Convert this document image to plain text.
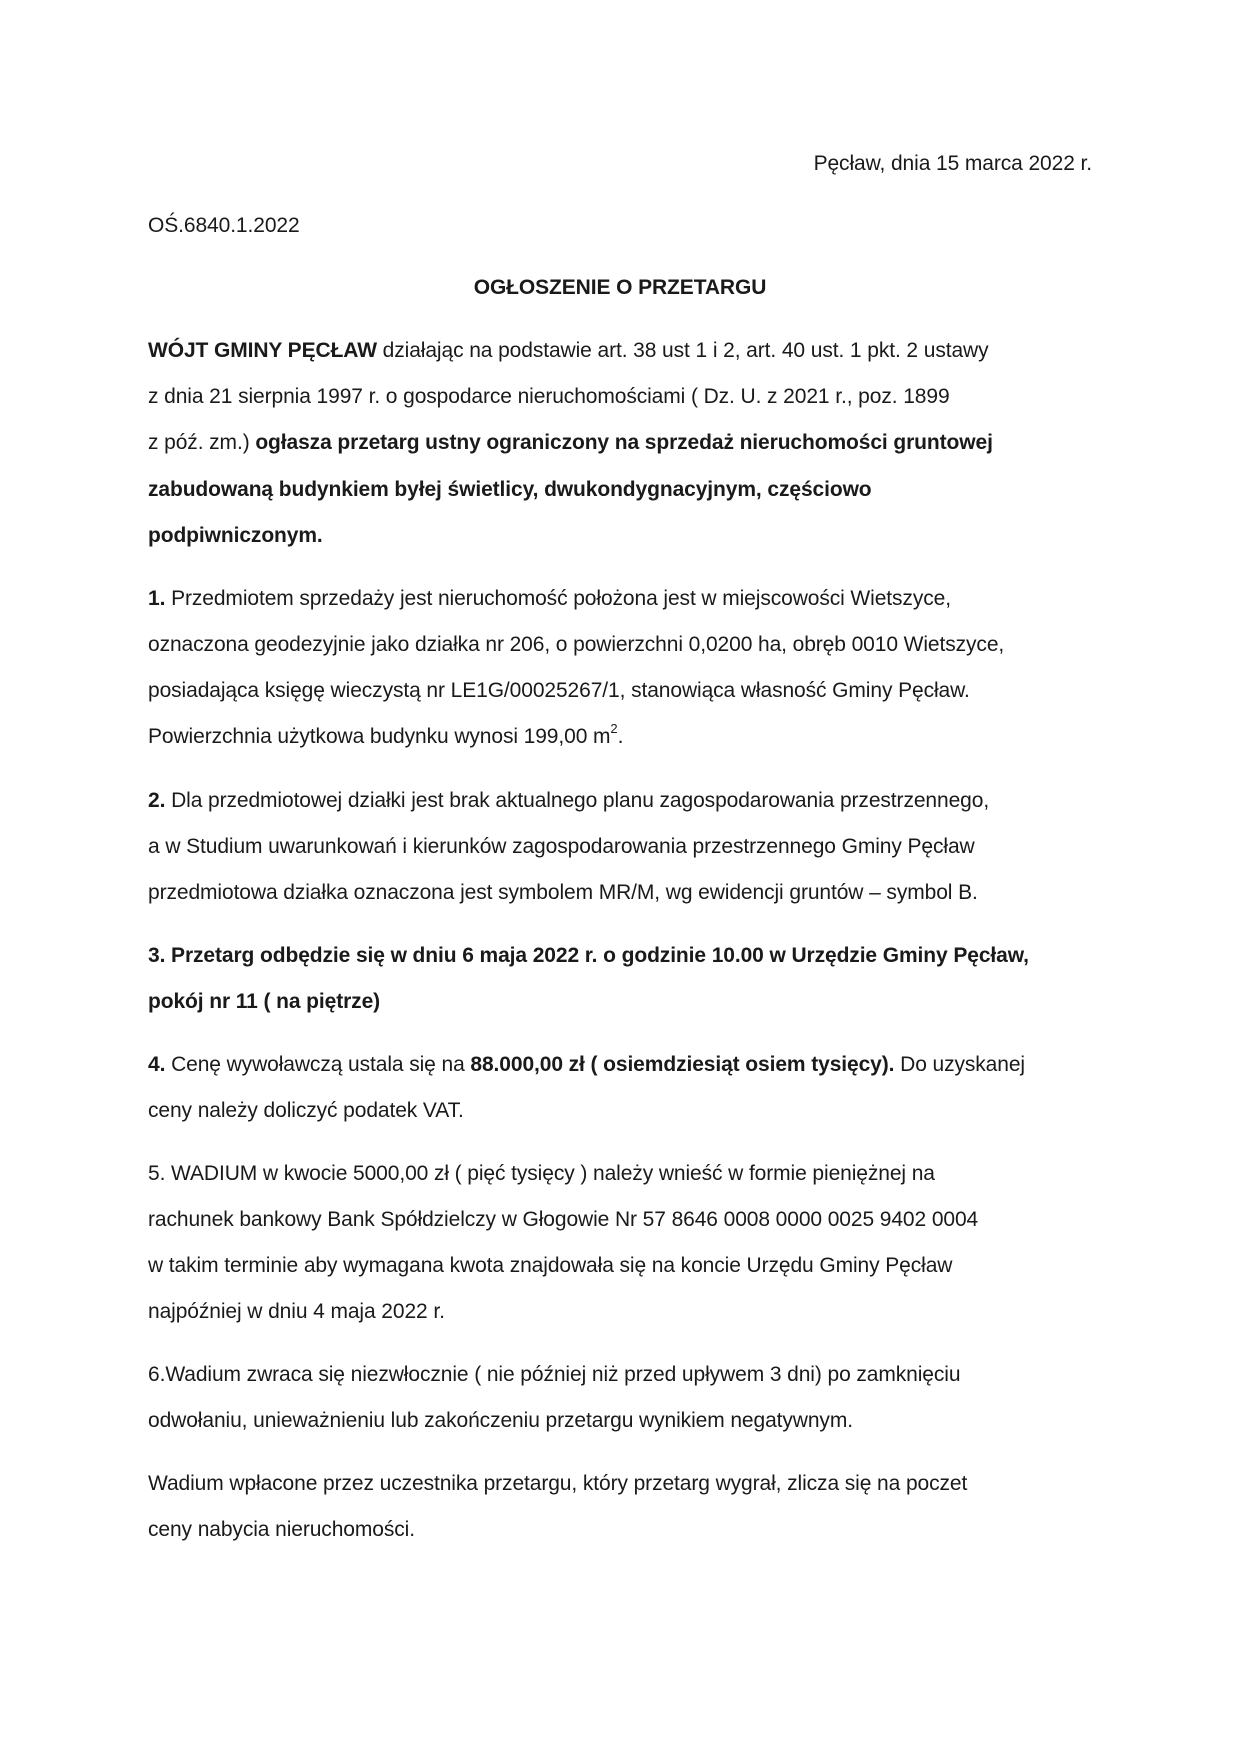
Pęcław, dnia 15 marca 2022 r.
OŚ.6840.1.2022
OGŁOSZENIE O PRZETARGU
WÓJT GMINY PĘCŁAW działając na podstawie art. 38 ust 1 i 2, art. 40 ust. 1 pkt. 2 ustawy
z dnia 21 sierpnia 1997 r. o gospodarce nieruchomościami ( Dz. U. z 2021 r., poz. 1899
z póź. zm.) ogłasza przetarg ustny ograniczony na sprzedaż nieruchomości gruntowej
zabudowaną budynkiem byłej świetlicy, dwukondygnacyjnym, częściowo
podpiwniczonym.
1. Przedmiotem sprzedaży jest nieruchomość położona jest w miejscowości Wietszyce,
oznaczona geodezyjnie jako działka nr 206, o powierzchni 0,0200 ha, obręb 0010 Wietszyce,
posiadająca księgę wieczystą nr LE1G/00025267/1, stanowiąca własność Gminy Pęcław.
Powierzchnia użytkowa budynku wynosi 199,00 $m^2$.
2. Dla przedmiotowej działki jest brak aktualnego planu zagospodarowania przestrzennego,
a w Studium uwarunkowań i kierunków zagospodarowania przestrzennego Gminy Pęcław
przedmiotowa działka oznaczona jest symbolem MR/M, wg ewidencji gruntów – symbol B.
3. Przetarg odbędzie się w dniu 6 maja 2022 r. o godzinie 10.00 w Urzędzie Gminy Pęcław,
pokój nr 11 ( na piętrze)
4. Cenę wywoławczą ustala się na 88.000,00 zł ( osiemdziesiąt osiem tysięcy). Do uzyskanej
ceny należy doliczyć podatek VAT.
5. WADIUM w kwocie 5000,00 zł ( pięć tysięcy ) należy wnieść w formie pieniężnej na
rachunek bankowy Bank Spółdzielczy w Głogowie Nr 57 8646 0008 0000 0025 9402 0004
w takim terminie aby wymagana kwota znajdowała się na koncie Urzędu Gminy Pęcław
najpóźniej w dniu 4 maja 2022 r.
6.Wadium zwraca się niezwłocznie ( nie później niż przed upływem 3 dni) po zamknięciu
odwołaniu, unieważnieniu lub zakończeniu przetargu wynikiem negatywnym.
Wadium wpłacone przez uczestnika przetargu, który przetarg wygrał, zlicza się na poczet
ceny nabycia nieruchomości.
